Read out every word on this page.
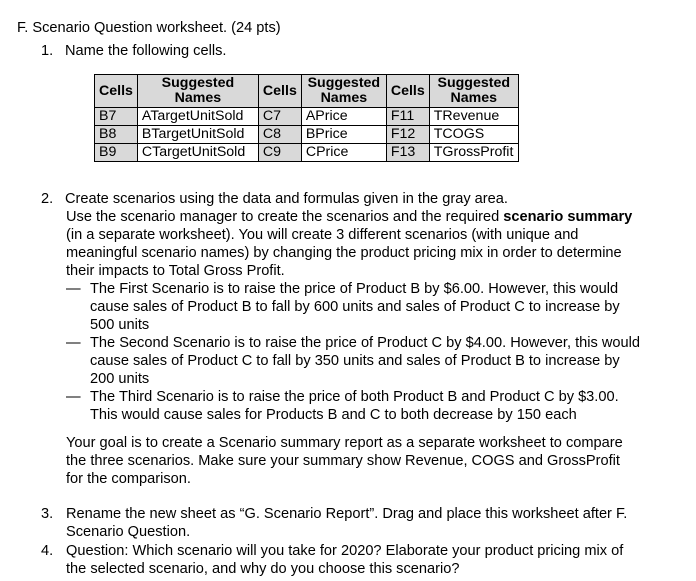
F. Scenario Question worksheet. (24 pts)
1. Name the following cells.
Cells	Suggested Names	Cells	Suggested Names	Cells	Suggested Names
B7	ATargetUnitSold	C7	APrice	F11	TRevenue
B8	BTargetUnitSold	C8	BPrice	F12	TCOGS
B9	CTargetUnitSold	C9	CPrice	F13	TGrossProfit
2. Create scenarios using the data and formulas given in the gray area.

Use the scenario manager to create the scenarios and the required scenario summary (in a separate worksheet). You will create 3 different scenarios (with unique and meaningful scenario names) by changing the product pricing mix in order to determine their impacts to Total Gross Profit.

— The First Scenario is to raise the price of Product B by $6.00. However, this would cause sales of Product B to fall by 600 units and sales of Product C to increase by 500 units
— The Second Scenario is to raise the price of Product C by $4.00. However, this would cause sales of Product C to fall by 350 units and sales of Product B to increase by 200 units
— The Third Scenario is to raise the price of both Product B and Product C by $3.00. This would cause sales for Products B and C to both decrease by 150 each

Your goal is to create a Scenario summary report as a separate worksheet to compare the three scenarios. Make sure your summary show Revenue, COGS and GrossProfit for the comparison.

3. Rename the new sheet as “G. Scenario Report”. Drag and place this worksheet after F. Scenario Question.
4. Question: Which scenario will you take for 2020? Elaborate your product pricing mix of the selected scenario, and why do you choose this scenario?
